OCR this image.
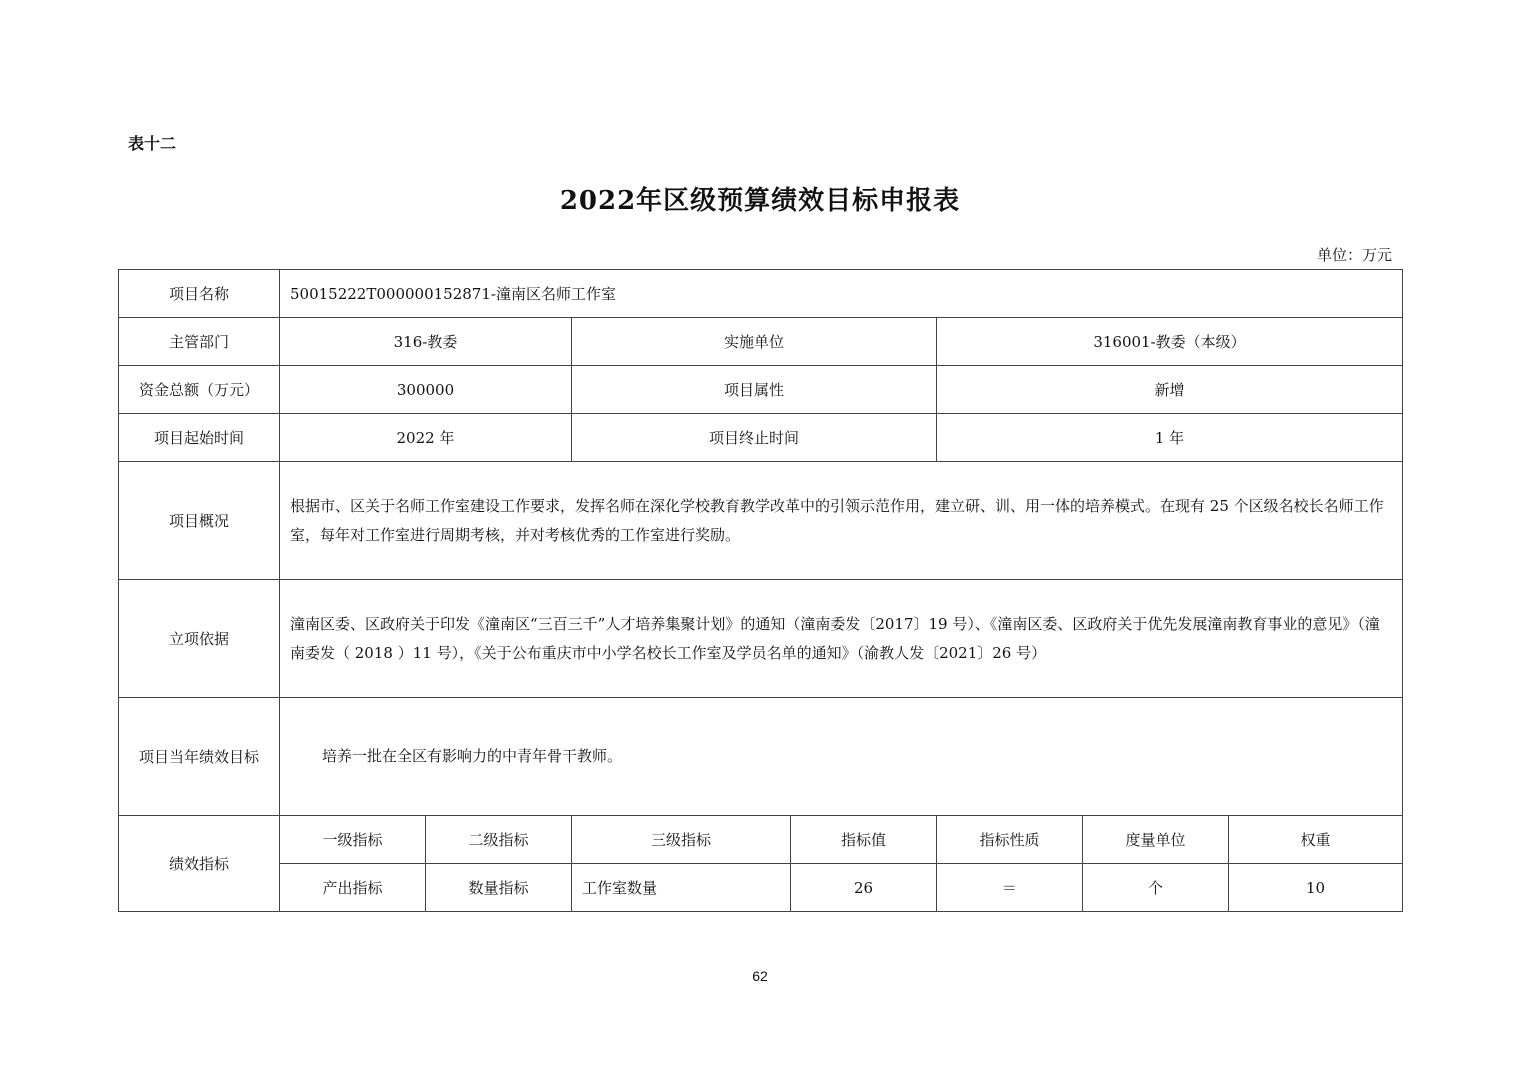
表十二
2022年区级预算绩效目标申报表
单位：万元
项目名称	50015222T000000152871-潼南区名师工作室						
主管部门	316-教委		实施单位		316001-教委（本级）		
资金总额（万元）	300000		项目属性		新增		
项目起始时间	2022 年		项目终止时间		1 年		
项目概况	根据市、区关于名师工作室建设工作要求，发挥名师在深化学校教育教学改革中的引领示范作用，建立研、训、用一体的培养模式。在现有 25 个区级名校长名师工作室，每年对工作室进行周期考核，并对考核优秀的工作室进行奖励。						
立项依据	潼南区委、区政府关于印发《潼南区“三百三千”人才培养集聚计划》的通知（潼南委发〔2017〕19 号）、《潼南区委、区政府关于优先发展潼南教育事业的意见》（潼南委发（ 2018 ）11 号），《关于公布重庆市中小学名校长工作室及学员名单的通知》（渝教人发〔2021〕26 号）						
项目当年绩效目标	培养一批在全区有影响力的中青年骨干教师。						
绩效指标	一级指标	二级指标	三级指标	指标值	指标性质	度量单位	权重
	产出指标	数量指标	工作室数量	26	＝	个	10
62
